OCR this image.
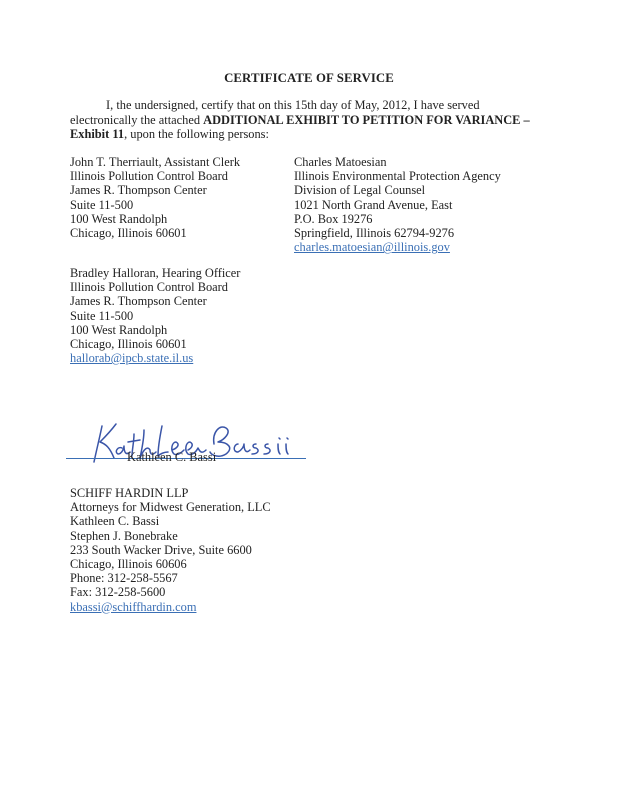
CERTIFICATE OF SERVICE
I, the undersigned, certify that on this 15th day of May, 2012, I have served electronically the attached ADDITIONAL EXHIBIT TO PETITION FOR VARIANCE – Exhibit 11, upon the following persons:
John T. Therriault, Assistant Clerk
Illinois Pollution Control Board
James R. Thompson Center
Suite 11-500
100 West Randolph
Chicago, Illinois 60601
Charles Matoesian
Illinois Environmental Protection Agency
Division of Legal Counsel
1021 North Grand Avenue, East
P.O. Box 19276
Springfield, Illinois 62794-9276
charles.matoesian@illinois.gov
Bradley Halloran, Hearing Officer
Illinois Pollution Control Board
James R. Thompson Center
Suite 11-500
100 West Randolph
Chicago, Illinois 60601
hallorab@ipcb.state.il.us
Kathleen C. Bassi
SCHIFF HARDIN LLP
Attorneys for Midwest Generation, LLC
Kathleen C. Bassi
Stephen J. Bonebrake
233 South Wacker Drive, Suite 6600
Chicago, Illinois 60606
Phone: 312-258-5567
Fax: 312-258-5600
kbassi@schiffhardin.com
